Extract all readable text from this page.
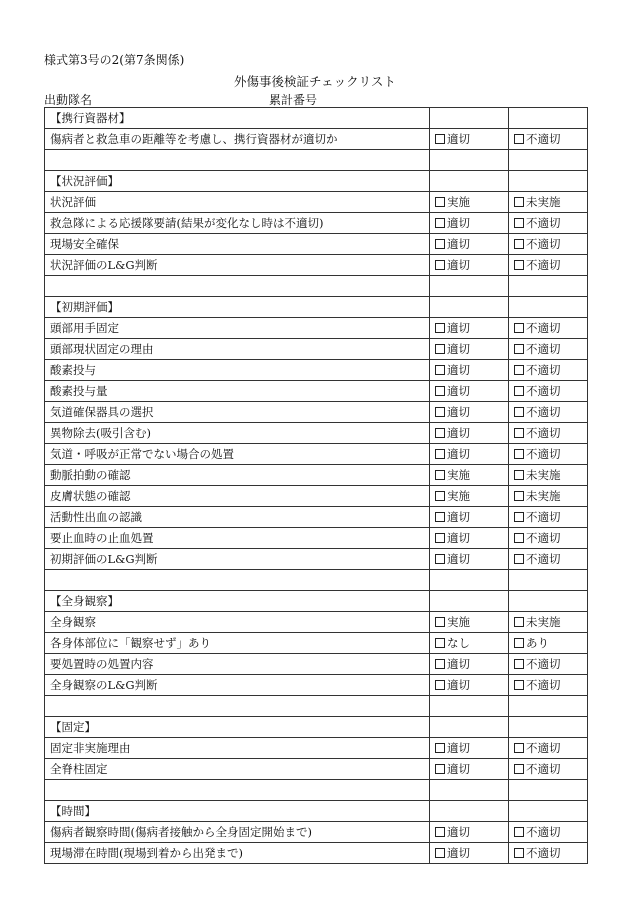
様式第3号の2(第7条関係)
外傷事後検証チェックリスト
出動隊名	累計番号
【携行資器材】		
傷病者と救急車の距離等を考慮し、携行資器材が適切か	適切	不適切

【状況評価】		
状況評価	実施	未実施
救急隊による応援隊要請(結果が変化なし時は不適切)	適切	不適切
現場安全確保	適切	不適切
状況評価のL&G判断	適切	不適切

【初期評価】		
頭部用手固定	適切	不適切
頭部現状固定の理由	適切	不適切
酸素投与	適切	不適切
酸素投与量	適切	不適切
気道確保器具の選択	適切	不適切
異物除去(吸引含む)	適切	不適切
気道・呼吸が正常でない場合の処置	適切	不適切
動脈拍動の確認	実施	未実施
皮膚状態の確認	実施	未実施
活動性出血の認識	適切	不適切
要止血時の止血処置	適切	不適切
初期評価のL&G判断	適切	不適切

【全身観察】		
全身観察	実施	未実施
各身体部位に「観察せず」あり	なし	あり
要処置時の処置内容	適切	不適切
全身観察のL&G判断	適切	不適切

【固定】		
固定非実施理由	適切	不適切
全脊柱固定	適切	不適切

【時間】		
傷病者観察時間(傷病者接触から全身固定開始まで)	適切	不適切
現場滞在時間(現場到着から出発まで)	適切	不適切
